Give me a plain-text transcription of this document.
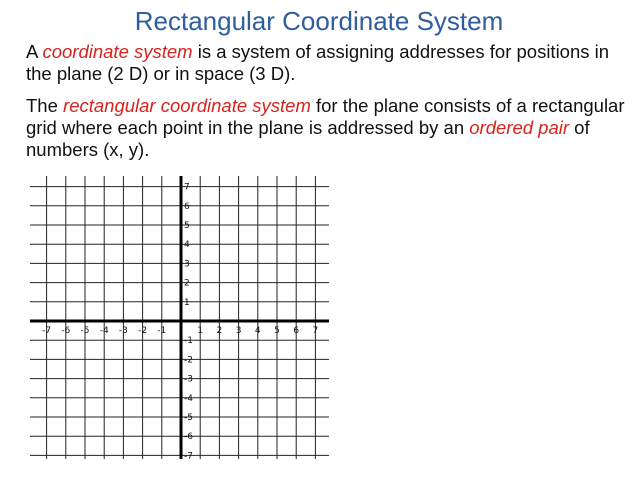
Rectangular Coordinate System

A coordinate system is a system of assigning addresses for positions in the plane (2 D) or in space (3 D).

The rectangular coordinate system for the plane consists of a rectangular grid where each point in the plane is addressed by an ordered pair of numbers (x, y).

-7 -6 -5 -4 -3 -2 -1	1 2 3 4 5 6 7
7
6
5
4
3
2
1
-1
-2
-3
-4
-5
-6
-7
